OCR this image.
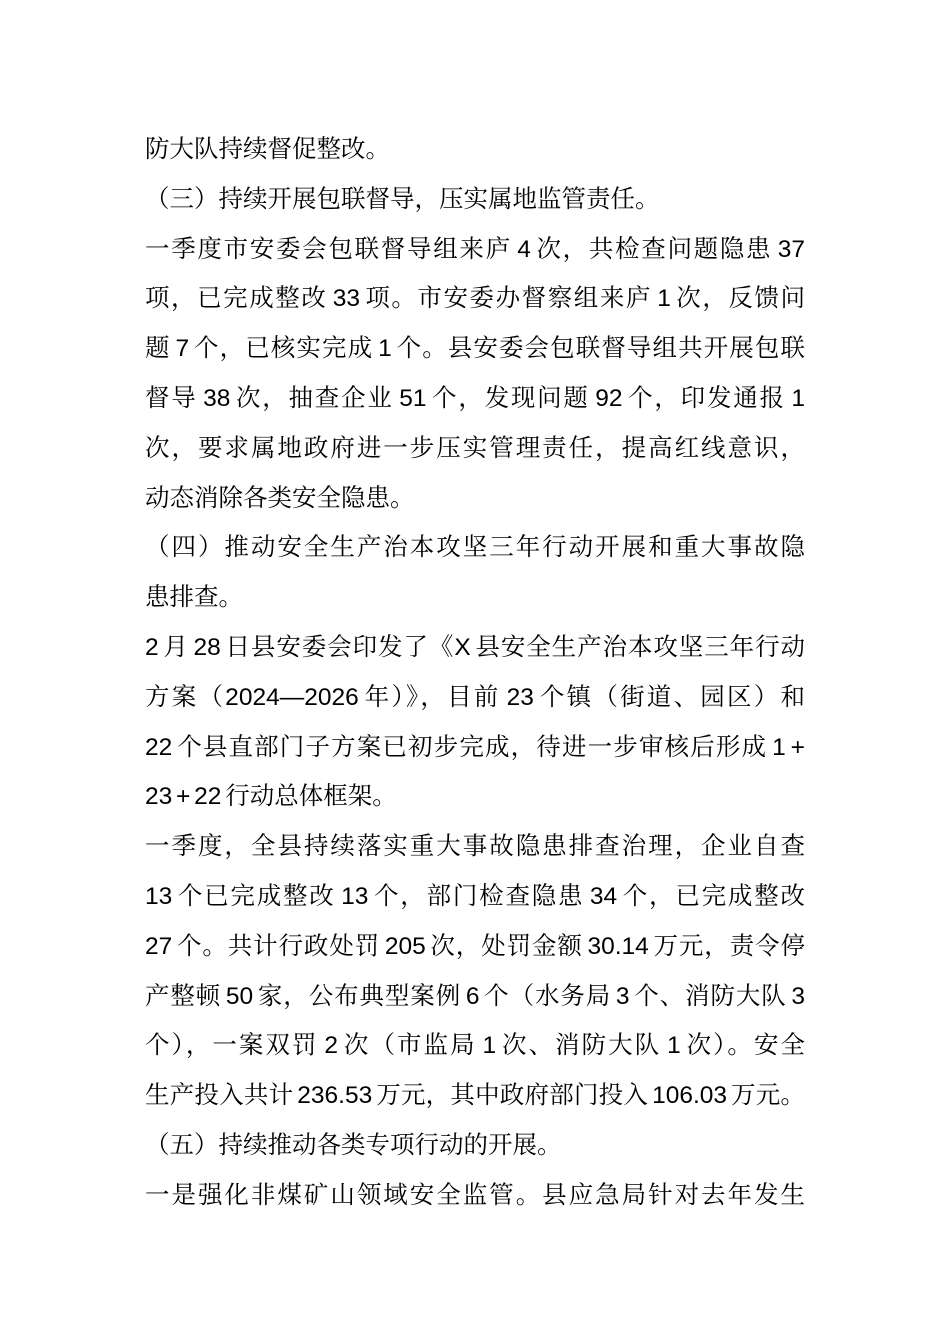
防大队持续督促整改。

（三）持续开展包联督导，压实属地监管责任。

一季度市安委会包联督导组来庐 4 次，共检查问题隐患 37

项，已完成整改 33 项。市安委办督察组来庐 1 次，反馈问

题 7 个，已核实完成 1 个。县安委会包联督导组共开展包联

督导 38 次，抽查企业 51 个，发现问题 92 个，印发通报 1

次，要求属地政府进一步压实管理责任，提高红线意识，

动态消除各类安全隐患。

（四）推动安全生产治本攻坚三年行动开展和重大事故隐

患排查。

2 月 28 日县安委会印发了《X 县安全生产治本攻坚三年行动

方案（2024—2026 年）》，目前 23 个镇（街道、园区）和

22 个县直部门子方案已初步完成，待进一步审核后形成 1 +

23 + 22 行动总体框架。

一季度，全县持续落实重大事故隐患排查治理，企业自查

13 个已完成整改 13 个，部门检查隐患 34 个，已完成整改

27 个。共计行政处罚 205 次，处罚金额 30.14 万元，责令停

产整顿 50 家，公布典型案例 6 个（水务局 3 个、消防大队 3

个），一案双罚 2 次（市监局 1 次、消防大队 1 次）。安全

生产投入共计 236.53 万元，其中政府部门投入 106.03 万元。

（五）持续推动各类专项行动的开展。

一是强化非煤矿山领域安全监管。县应急局针对去年发生
